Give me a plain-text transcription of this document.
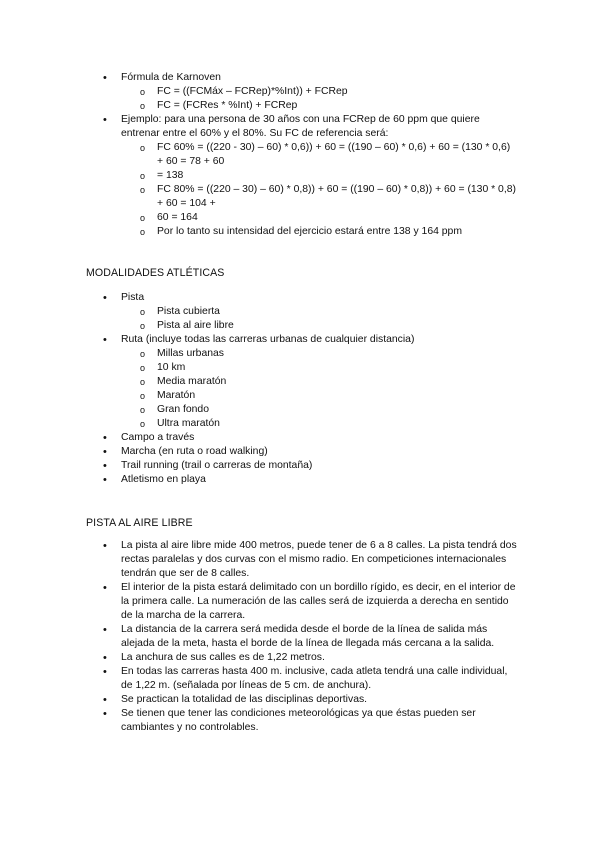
• Fórmula de Karnoven
o FC = ((FCMáx – FCRep)*%Int)) + FCRep
o FC = (FCRes * %Int) + FCRep
• Ejemplo: para una persona de 30 años con una FCRep de 60 ppm que quiere entrenar entre el 60% y el 80%. Su FC de referencia será:
o FC 60% = ((220 - 30) – 60) * 0,6)) + 60 = ((190 – 60) * 0,6) + 60 = (130 * 0,6) + 60 = 78 + 60
o = 138
o FC 80% = ((220 – 30) – 60) * 0,8)) + 60 = ((190 – 60) * 0,8)) + 60 = (130 * 0,8) + 60 = 104 +
o 60 = 164
o Por lo tanto su intensidad del ejercicio estará entre 138 y 164 ppm
MODALIDADES ATLÉTICAS
• Pista
o Pista cubierta
o Pista al aire libre
• Ruta (incluye todas las carreras urbanas de cualquier distancia)
o Millas urbanas
o 10 km
o Media maratón
o Maratón
o Gran fondo
o Ultra maratón
• Campo a través
• Marcha (en ruta o road walking)
• Trail running (trail o carreras de montaña)
• Atletismo en playa
PISTA AL AIRE LIBRE
• La pista al aire libre mide 400 metros, puede tener de 6 a 8 calles. La pista tendrá dos rectas paralelas y dos curvas con el mismo radio. En competiciones internacionales tendrán que ser de 8 calles.
• El interior de la pista estará delimitado con un bordillo rígido, es decir, en el interior de la primera calle. La numeración de las calles será de izquierda a derecha en sentido de la marcha de la carrera.
• La distancia de la carrera será medida desde el borde de la línea de salida más alejada de la meta, hasta el borde de la línea de llegada más cercana a la salida.
• La anchura de sus calles es de 1,22 metros.
• En todas las carreras hasta 400 m. inclusive, cada atleta tendrá una calle individual, de 1,22 m. (señalada por líneas de 5 cm. de anchura).
• Se practican la totalidad de las disciplinas deportivas.
• Se tienen que tener las condiciones meteorológicas ya que éstas pueden ser cambiantes y no controlables.
